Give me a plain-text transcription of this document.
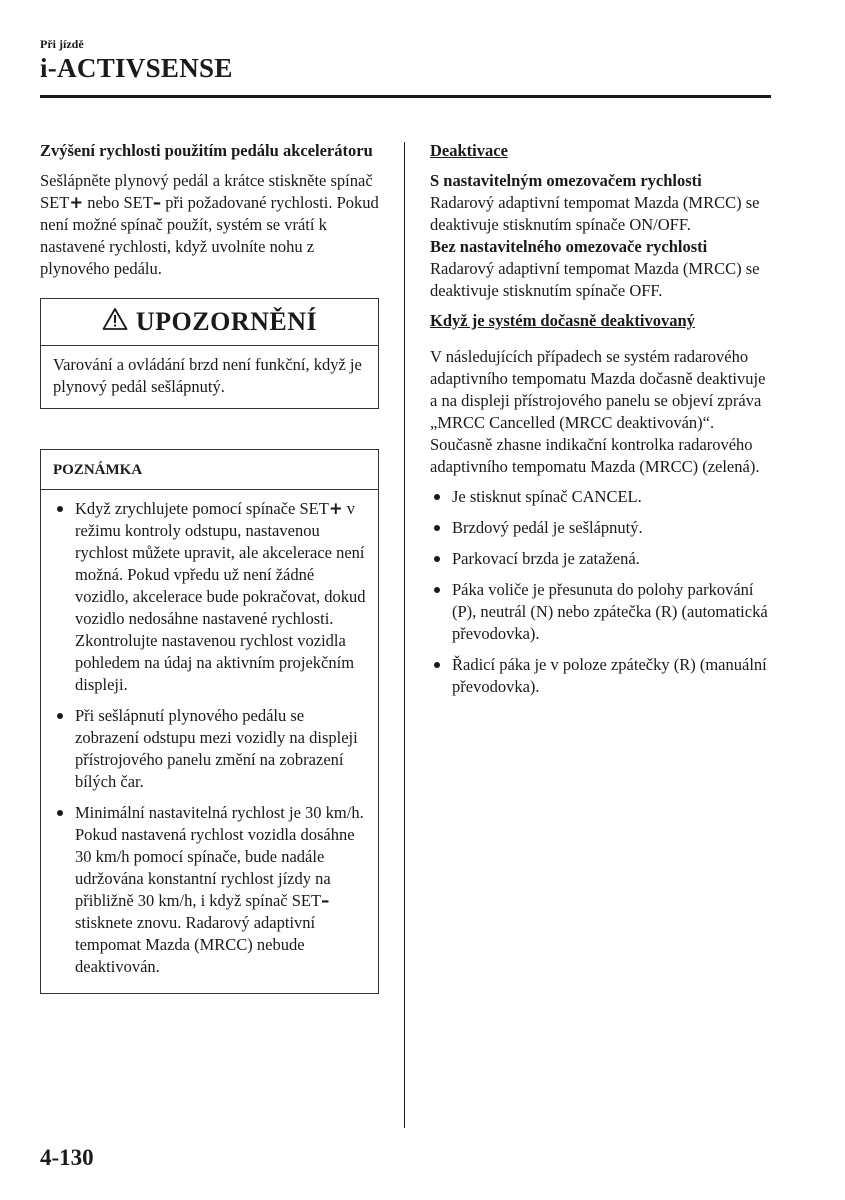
Při jízdě
i-ACTIVSENSE

Zvýšení rychlosti použitím pedálu akcelerátoru

Sešlápněte plynový pedál a krátce stiskněte spínač SET+ nebo SET– při požadované rychlosti. Pokud není možné spínač použít, systém se vrátí k nastavené rychlosti, když uvolníte nohu z plynového pedálu.

UPOZORNĚNÍ
Varování a ovládání brzd není funkční, když je plynový pedál sešlápnutý.
POZNÁMKA
Když zrychlujete pomocí spínače SET+ v režimu kontroly odstupu, nastavenou rychlost můžete upravit, ale akcelerace není možná. Pokud vpředu už není žádné vozidlo, akcelerace bude pokračovat, dokud vozidlo nedosáhne nastavené rychlosti. Zkontrolujte nastavenou rychlost vozidla pohledem na údaj na aktivním projekčním displeji.
Při sešlápnutí plynového pedálu se zobrazení odstupu mezi vozidly na displeji přístrojového panelu změní na zobrazení bílých čar.
Minimální nastavitelná rychlost je 30 km/h. Pokud nastavená rychlost vozidla dosáhne 30 km/h pomocí spínače, bude nadále udržována konstantní rychlost jízdy na přibližně 30 km/h, i když spínač SET– stisknete znovu. Radarový adaptivní tempomat Mazda (MRCC) nebude deaktivován.

Deaktivace

S nastavitelným omezovačem rychlosti

Radarový adaptivní tempomat Mazda (MRCC) se deaktivuje stisknutím spínače ON/OFF.

Bez nastavitelného omezovače rychlosti

Radarový adaptivní tempomat Mazda (MRCC) se deaktivuje stisknutím spínače OFF.

Když je systém dočasně deaktivovaný

V následujících případech se systém radarového adaptivního tempomatu Mazda dočasně deaktivuje a na displeji přístrojového panelu se objeví zpráva „MRCC Cancelled (MRCC deaktivován)“. Současně zhasne indikační kontrolka radarového adaptivního tempomatu Mazda (MRCC) (zelená).

Je stisknut spínač CANCEL.
Brzdový pedál je sešlápnutý.
Parkovací brzda je zatažená.
Páka voliče je přesunuta do polohy parkování (P), neutrál (N) nebo zpátečka (R) (automatická převodovka).
Řadicí páka je v poloze zpátečky (R) (manuální převodovka).
4-130
